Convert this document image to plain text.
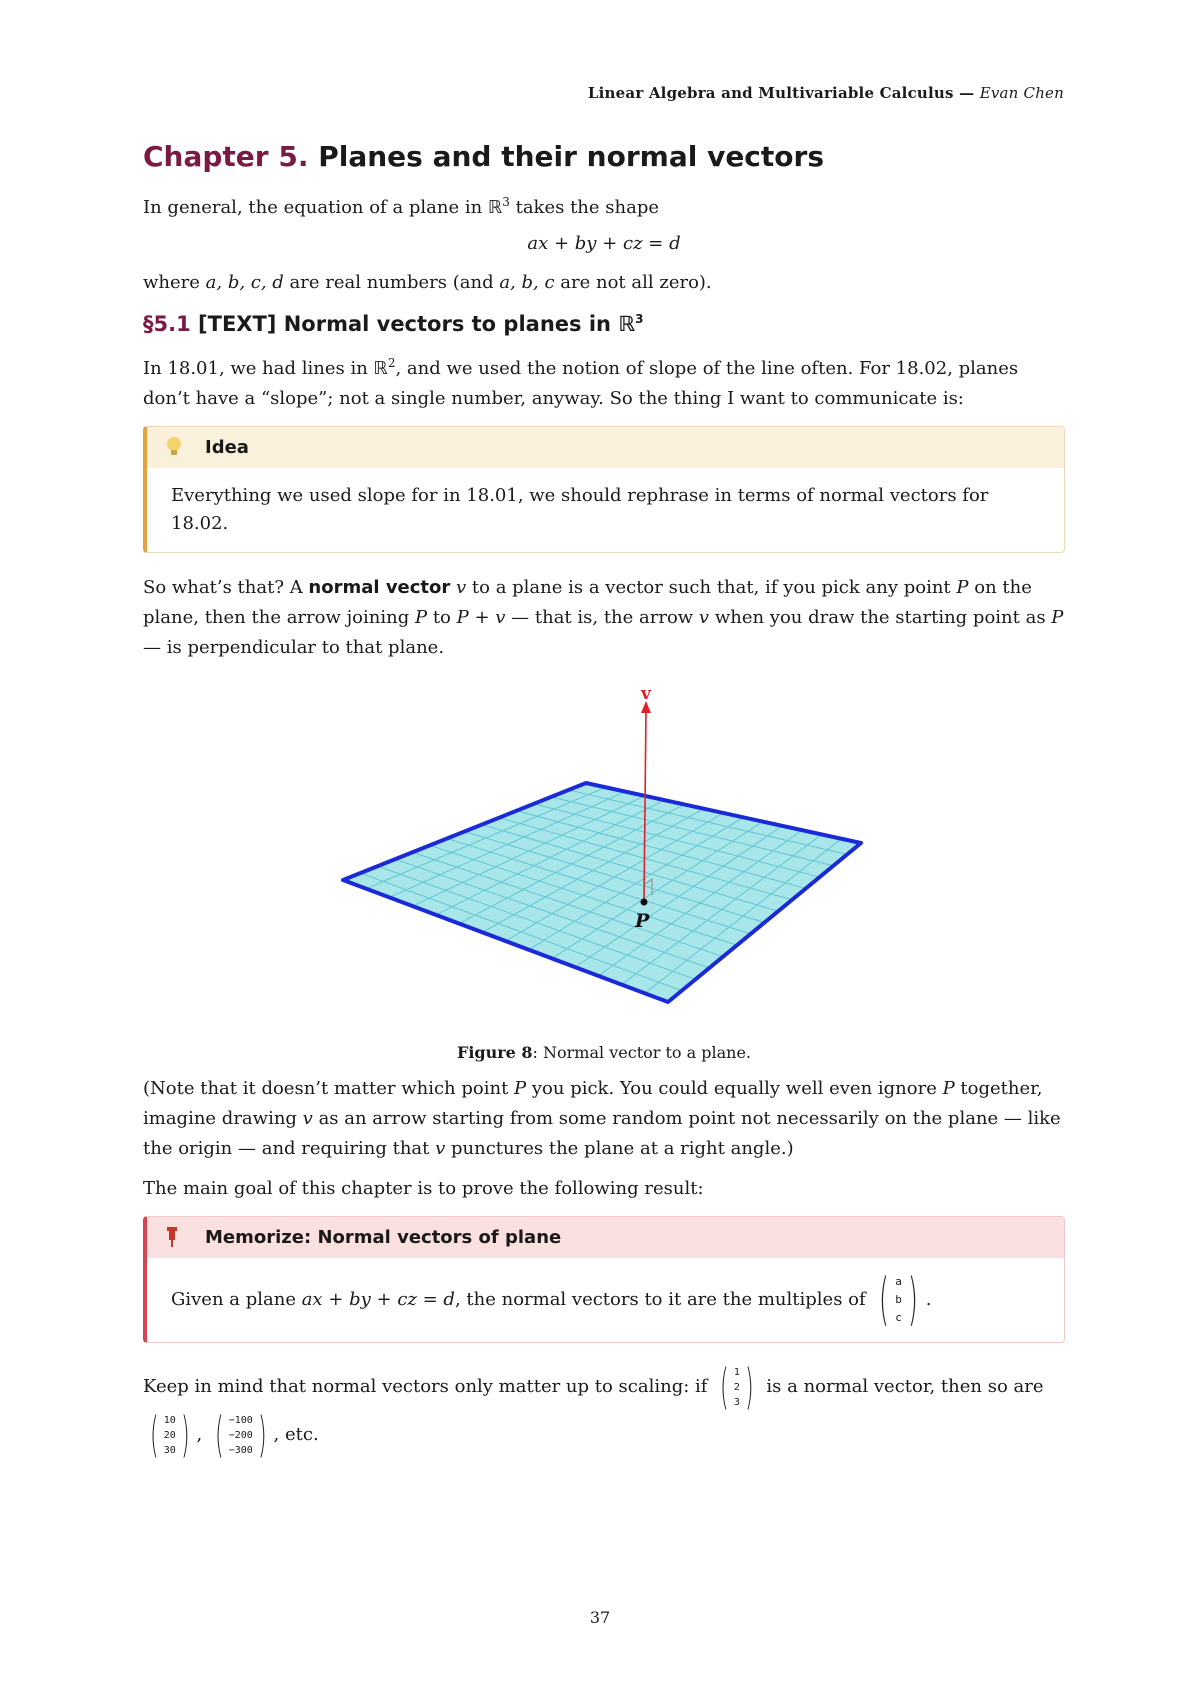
Linear Algebra and Multivariable Calculus — Evan Chen
Chapter 5. Planes and their normal vectors

In general, the equation of a plane in ℝ$^3$ takes the shape

ax + by + cz = d

where a, b, c, d are real numbers (and a, b, c are not all zero).

§5.1 [TEXT] Normal vectors to planes in ℝ$^3$

In 18.01, we had lines in ℝ$^2$, and we used the notion of slope of the line often. For 18.02, planes don’t have a “slope”; not a single number, anyway. So the thing I want to communicate is:

Idea
Everything we used slope for in 18.01, we should rephrase in terms of normal vectors for 18.02.

So what’s that? A normal vector v to a plane is a vector such that, if you pick any point P on the plane, then the arrow joining P to P + v — that is, the arrow v when you draw the starting point as P — is perpendicular to that plane.

v
P
Figure 8: Normal vector to a plane.

(Note that it doesn’t matter which point P you pick. You could equally well even ignore P together, imagine drawing v as an arrow starting from some random point not necessarily on the plane — like the origin — and requiring that v punctures the plane at a right angle.)

The main goal of this chapter is to prove the following result:

Memorize: Normal vectors of plane
Given a plane ax + by + cz = d, the normal vectors to it are the multiples of ( a
b
c ) .

Keep in mind that normal vectors only matter up to scaling: if ( 1
2
3 ) is a normal vector, then so are

( 10
20
30 ) , ( −100
−200
−300 ) , etc.

37
